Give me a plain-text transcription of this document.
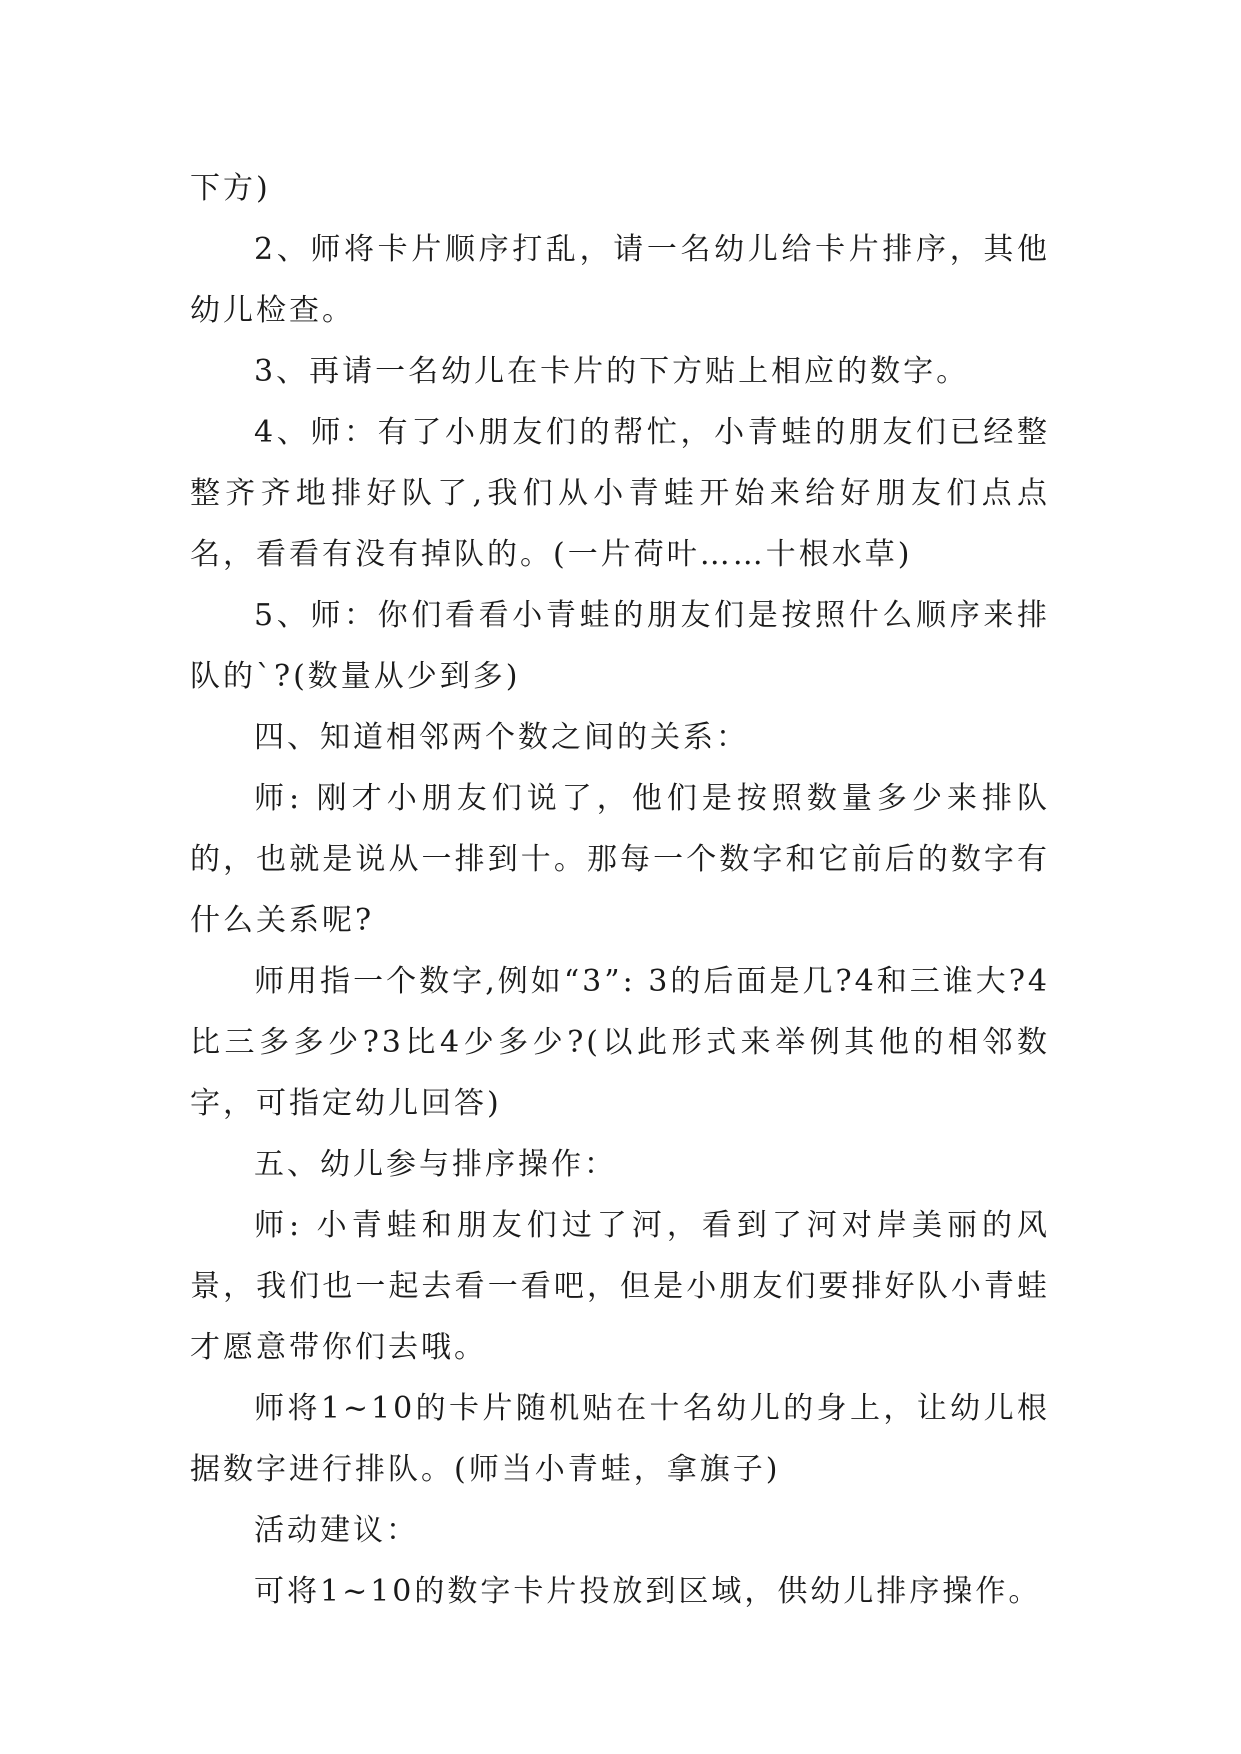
下方)

2、师将卡片顺序打乱，请一名幼儿给卡片排序，其他幼儿检查。

3、再请一名幼儿在卡片的下方贴上相应的数字。

4、师：有了小朋友们的帮忙，小青蛙的朋友们已经整整齐齐地排好队了,我们从小青蛙开始来给好朋友们点点名，看看有没有掉队的。(一片荷叶……十根水草)

5、师：你们看看小青蛙的朋友们是按照什么顺序来排队的`?(数量从少到多)

四、知道相邻两个数之间的关系：

师: 刚才小朋友们说了，他们是按照数量多少来排队的，也就是说从一排到十。那每一个数字和它前后的数字有什么关系呢?

师用指一个数字,例如“3”: 3的后面是几?4和三谁大?4比三多多少?3比4少多少?(以此形式来举例其他的相邻数字，可指定幼儿回答)

五、幼儿参与排序操作：

师: 小青蛙和朋友们过了河，看到了河对岸美丽的风景，我们也一起去看一看吧，但是小朋友们要排好队小青蛙才愿意带你们去哦。

师将1~10的卡片随机贴在十名幼儿的身上，让幼儿根据数字进行排队。(师当小青蛙，拿旗子)

活动建议：

可将1~10的数字卡片投放到区域，供幼儿排序操作。
